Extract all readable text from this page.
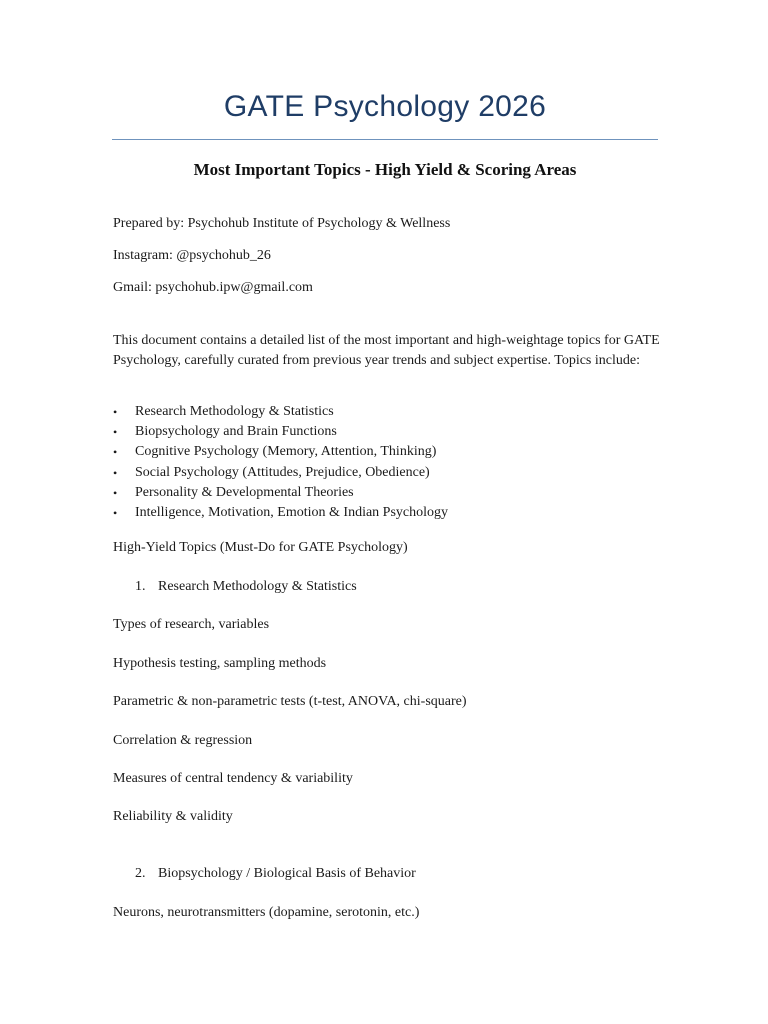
GATE Psychology 2026
Most Important Topics - High Yield & Scoring Areas
Prepared by: Psychohub Institute of Psychology & Wellness
Instagram: @psychohub_26
Gmail: psychohub.ipw@gmail.com
This document contains a detailed list of the most important and high-weightage topics for GATE Psychology, carefully curated from previous year trends and subject expertise. Topics include:
• Research Methodology & Statistics
• Biopsychology and Brain Functions
• Cognitive Psychology (Memory, Attention, Thinking)
• Social Psychology (Attitudes, Prejudice, Obedience)
• Personality & Developmental Theories
• Intelligence, Motivation, Emotion & Indian Psychology
High-Yield Topics (Must-Do for GATE Psychology)
1. Research Methodology & Statistics
Types of research, variables
Hypothesis testing, sampling methods
Parametric & non-parametric tests (t-test, ANOVA, chi-square)
Correlation & regression
Measures of central tendency & variability
Reliability & validity
2. Biopsychology / Biological Basis of Behavior
Neurons, neurotransmitters (dopamine, serotonin, etc.)
